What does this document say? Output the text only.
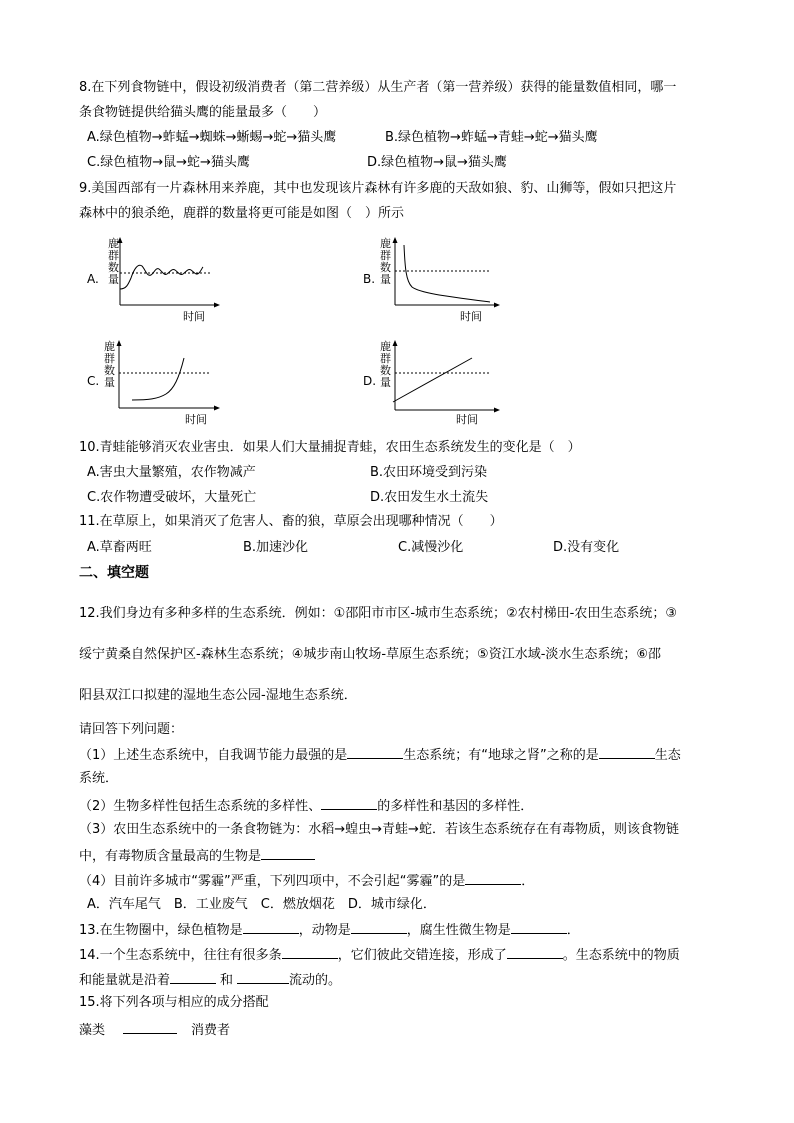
8.在下列食物链中，假设初级消费者（第二营养级）从生产者（第一营养级）获得的能量数值相同，哪一
条食物链提供给猫头鹰的能量最多（　　）
A.绿色植物→蚱蜢→蜘蛛→蜥蜴→蛇→猫头鹰	B.绿色植物→蚱蜢→青蛙→蛇→猫头鹰
C.绿色植物→鼠→蛇→猫头鹰	D.绿色植物→鼠→猫头鹰
9.美国西部有一片森林用来养鹿，其中也发现该片森林有许多鹿的天敌如狼、豹、山狮等，假如只把这片
森林中的狼杀绝，鹿群的数量将更可能是如图（　）所示
A.
鹿
群
数
量
时间
B.
鹿
群
数
量
时间
C.
鹿
群
数
量
时间
D.
鹿
群
数
量
时间
10.青蛙能够消灭农业害虫．如果人们大量捕捉青蛙，农田生态系统发生的变化是（　）
A.害虫大量繁殖，农作物减产	B.农田环境受到污染
C.农作物遭受破坏，大量死亡	D.农田发生水土流失
11.在草原上，如果消灭了危害人、畜的狼，草原会出现哪种情况（　　）
A.草畜两旺	B.加速沙化	C.减慢沙化	D.没有变化
二、填空题
12.我们身边有多种多样的生态系统．例如：①邵阳市市区-城市生态系统；②农村梯田-农田生态系统；③
绥宁黄桑自然保护区-森林生态系统；④城步南山牧场-草原生态系统；⑤资江水域-淡水生态系统；⑥邵
阳县双江口拟建的湿地生态公园-湿地生态系统．
请回答下列问题：
（1）上述生态系统中，自我调节能力最强的是	生态系统；有“地球之肾”之称的是	生态
系统．
（2）生物多样性包括生态系统的多样性、	的多样性和基因的多样性．
（3）农田生态系统中的一条食物链为：水稻→蝗虫→青蛙→蛇．若该生态系统存在有毒物质，则该食物链
中，有毒物质含量最高的生物是
（4）目前许多城市“雾霾”严重，下列四项中，不会引起“雾霾”的是	．
A．汽车尾气　B．工业废气　C．燃放烟花　D．城市绿化．
13.在生物圈中，绿色植物是	，动物是	，腐生性微生物是	．
14.一个生态系统中，往往有很多条	，它们彼此交错连接，形成了	。生态系统中的物质
和能量就是沿着	和	流动的。
15.将下列各项与相应的成分搭配
藻类	消费者
